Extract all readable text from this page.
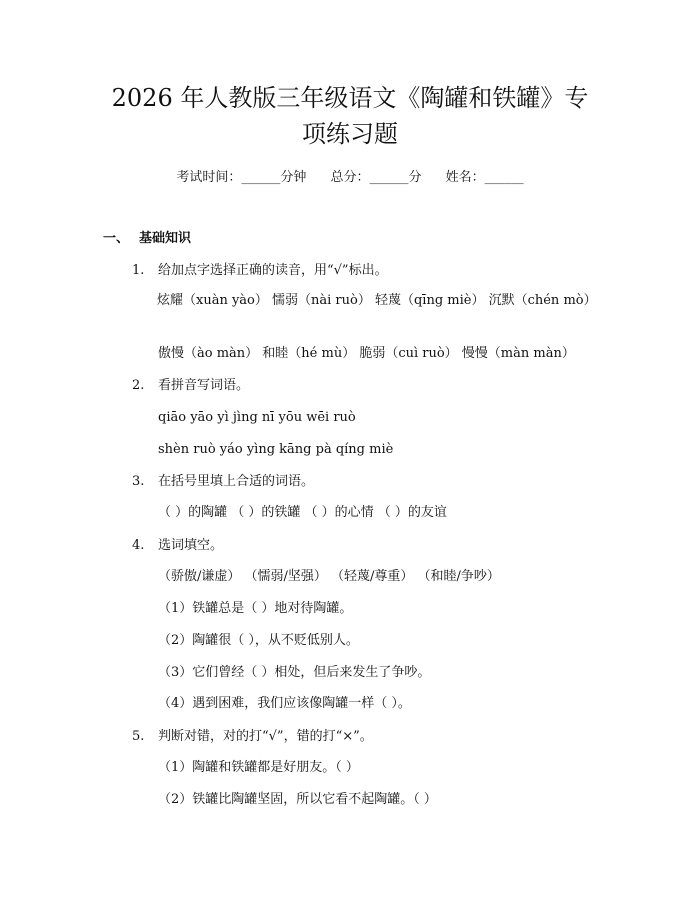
2026 年人教版三年级语文《陶罐和铁罐》专
项练习题
考试时间：______分钟 总分：______分 姓名：______
一、 基础知识
1. 给加点字选择正确的读音，用“√”标出。
炫耀（xuàn yào） 懦弱（nài ruò） 轻蔑（qīng miè） 沉默（chén mò）
傲慢（ào màn） 和睦（hé mù） 脆弱（cuì ruò） 慢慢（màn màn）
2. 看拼音写词语。
qiāo yāo yì jìng nī yōu wēi ruò
shèn ruò yáo yìng kāng pà qíng miè
3. 在括号里填上合适的词语。
（ ）的陶罐 （ ）的铁罐 （ ）的心情 （ ）的友谊
4. 选词填空。
（骄傲/谦虚） （懦弱/坚强） （轻蔑/尊重） （和睦/争吵）
（1）铁罐总是（ ）地对待陶罐。
（2）陶罐很（ ），从不贬低别人。
（3）它们曾经（ ）相处，但后来发生了争吵。
（4）遇到困难，我们应该像陶罐一样（ ）。
5. 判断对错，对的打“√”，错的打“×”。
（1）陶罐和铁罐都是好朋友。（ ）
（2）铁罐比陶罐坚固，所以它看不起陶罐。（ ）
